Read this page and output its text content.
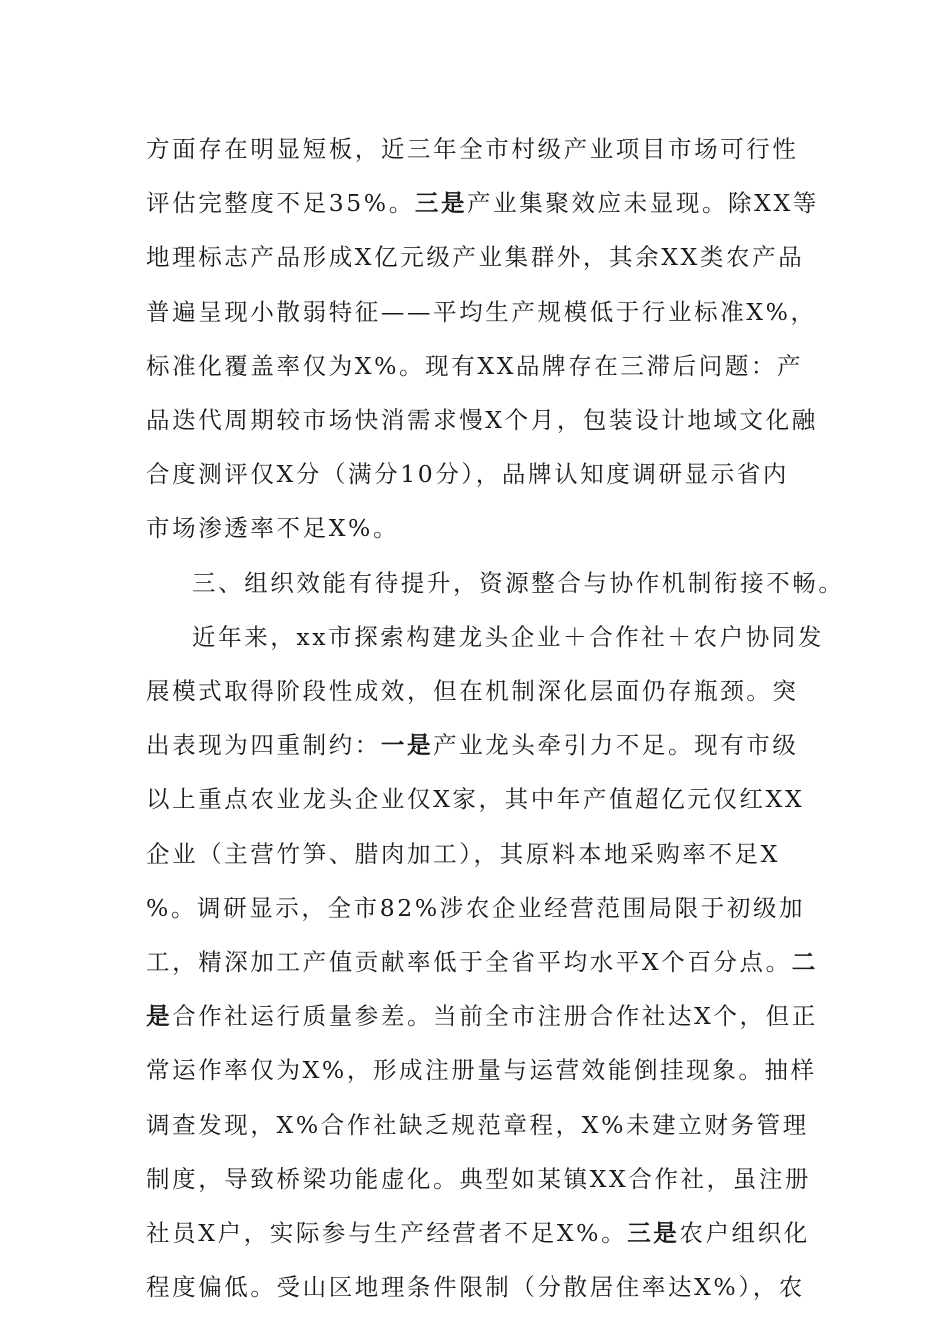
方面存在明显短板，近三年全市村级产业项目市场可行性
评估完整度不足35%。三是产业集聚效应未显现。除XX等
地理标志产品形成X亿元级产业集群外，其余XX类农产品
普遍呈现小散弱特征——平均生产规模低于行业标准X%，
标准化覆盖率仅为X%。现有XX品牌存在三滞后问题：产
品迭代周期较市场快消需求慢X个月，包装设计地域文化融
合度测评仅X分（满分10分），品牌认知度调研显示省内
市场渗透率不足X%。
三、组织效能有待提升，资源整合与协作机制衔接不畅。
近年来，xx市探索构建龙头企业＋合作社＋农户协同发
展模式取得阶段性成效，但在机制深化层面仍存瓶颈。突
出表现为四重制约：一是产业龙头牵引力不足。现有市级
以上重点农业龙头企业仅X家，其中年产值超亿元仅红XX
企业（主营竹笋、腊肉加工），其原料本地采购率不足X
%。调研显示，全市82%涉农企业经营范围局限于初级加
工，精深加工产值贡献率低于全省平均水平X个百分点。二
是合作社运行质量参差。当前全市注册合作社达X个，但正
常运作率仅为X%，形成注册量与运营效能倒挂现象。抽样
调查发现，X%合作社缺乏规范章程，X%未建立财务管理
制度，导致桥梁功能虚化。典型如某镇XX合作社，虽注册
社员X户，实际参与生产经营者不足X%。三是农户组织化
程度偏低。受山区地理条件限制（分散居住率达X%），农
